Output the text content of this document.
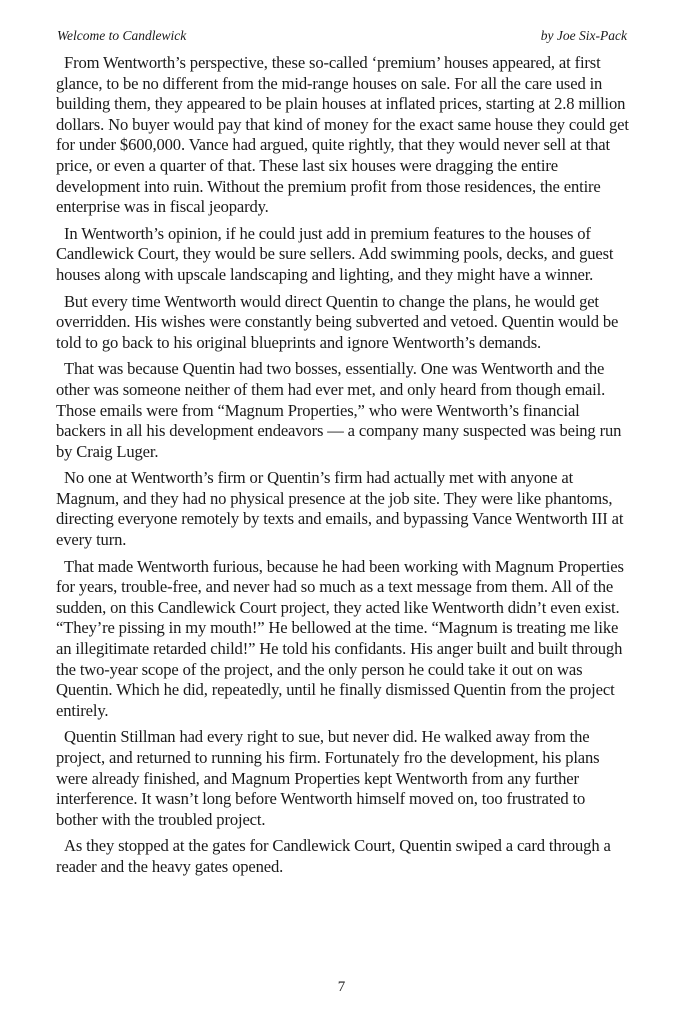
Welcome to Candlewick	by Joe Six-Pack

From Wentworth’s perspective, these so-called ‘premium’ houses appeared, at first glance, to be no different from the mid-range houses on sale. For all the care used in building them, they appeared to be plain houses at inflated prices, starting at 2.8 million dollars. No buyer would pay that kind of money for the exact same house they could get for under $600,000. Vance had argued, quite rightly, that they would never sell at that price, or even a quarter of that. These last six houses were dragging the entire development into ruin. Without the premium profit from those residences, the entire enterprise was in fiscal jeopardy.

In Wentworth’s opinion, if he could just add in premium features to the houses of Candlewick Court, they would be sure sellers. Add swimming pools, decks, and guest houses along with upscale landscaping and lighting, and they might have a winner.

But every time Wentworth would direct Quentin to change the plans, he would get overridden. His wishes were constantly being subverted and vetoed. Quentin would be told to go back to his original blueprints and ignore Wentworth’s demands.

That was because Quentin had two bosses, essentially. One was Wentworth and the other was someone neither of them had ever met, and only heard from though email. Those emails were from “Magnum Properties,” who were Wentworth’s financial backers in all his development endeavors — a company many suspected was being run by Craig Luger.

No one at Wentworth’s firm or Quentin’s firm had actually met with anyone at Magnum, and they had no physical presence at the job site. They were like phantoms, directing everyone remotely by texts and emails, and bypassing Vance Wentworth III at every turn.

That made Wentworth furious, because he had been working with Magnum Properties for years, trouble-free, and never had so much as a text message from them. All of the sudden, on this Candlewick Court project, they acted like Wentworth didn’t even exist. “They’re pissing in my mouth!” He bellowed at the time. “Magnum is treating me like an illegitimate retarded child!” He told his confidants. His anger built and built through the two-year scope of the project, and the only person he could take it out on was Quentin. Which he did, repeatedly, until he finally dismissed Quentin from the project entirely.

Quentin Stillman had every right to sue, but never did. He walked away from the project, and returned to running his firm. Fortunately fro the development, his plans were already finished, and Magnum Properties kept Wentworth from any further interference. It wasn’t long before Wentworth himself moved on, too frustrated to bother with the troubled project.

As they stopped at the gates for Candlewick Court, Quentin swiped a card through a reader and the heavy gates opened.

7
